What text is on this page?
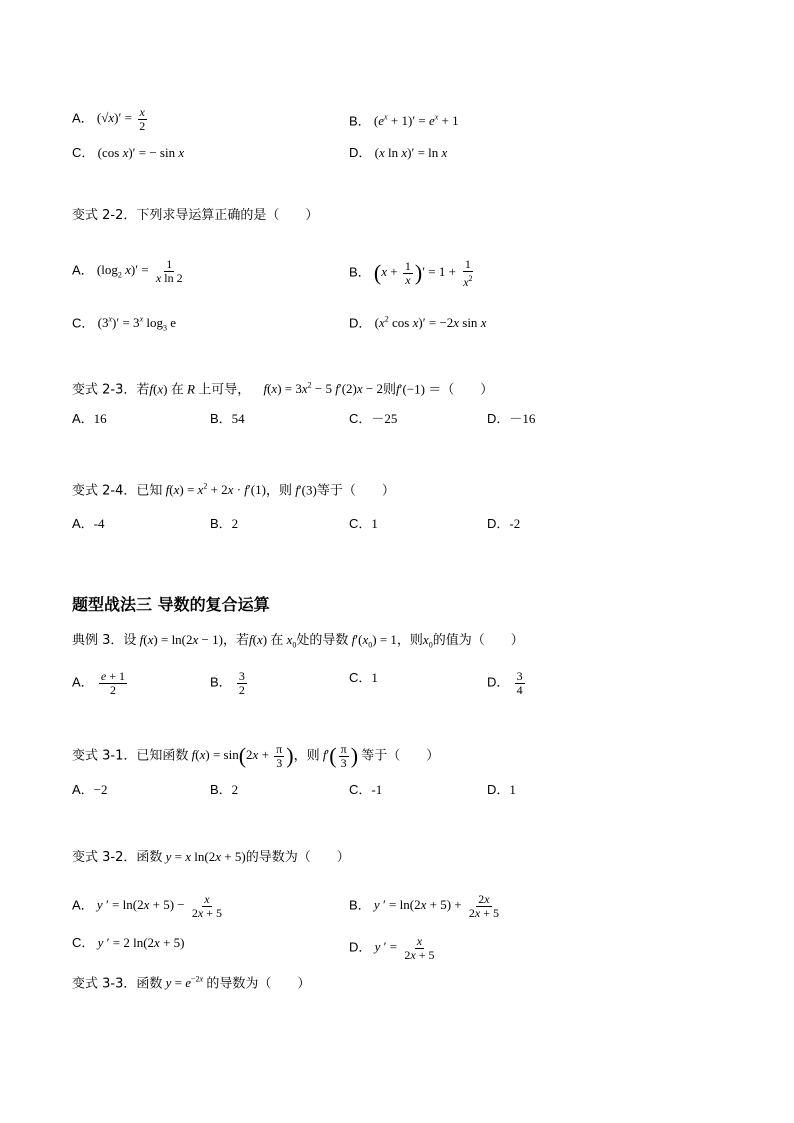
A． $(√x)' = \frac{x}{2}$	B． $(e^x + 1)' = e^x + 1$
C． (cos x)′ = − sin x	D． (x ln x)′ = ln x
变式 2-2．下列求导运算正确的是（　　）
A． ($\log_2$ $x)' = \frac{1}{\text{x ln 2}}$	B． ($x + \frac{1}{x}$ )′ = $1 + \frac{1}{x^2}$
C． $(3^x)' = 3^x$ $\log_3 e$	D． ($x^2$ cos x)′ = −2x sin x
变式 2-3．若f(x) 在 R 上可导， $f(x) = 3x^2 - 5$ f′(2)x − 2则f′(−1) ＝（　　）
A．16	B．54	C．－25	D．－16
变式 2-4．已知 $f(x) = x^2 + 2x \cdot f'(1)$，则 f′(3)等于（　　）
A．-4	B．2	C．1	D．-2
题型战法三 导数的复合运算
典例 3．设 f(x) = ln(2x − 1)，若f(x) 在 $x_0$处的导数 $f'(x_0) = 1$，则$x_0$的值为（　　）
A． $\frac{e + 1}{2}$	B． $\frac{3}{2}$	C．1	D． $\frac{3}{4}$
变式 3-1．已知函数 $f(x) = \sin(2x + \frac{\pi}{3}$ )，则 $f'( \frac{\pi}{3}$ ) 等于（　　）
A．−2	B．2	C．-1	D．1
变式 3-2．函数 y = x ln(2x + 5)的导数为（　　）
A． y ′ = $\ln(2x + 5) - \frac{x}{2x + 5}$	B． y ′ = $\ln(2x + 5) + \frac{2x}{2x + 5}$
C． y ′ = 2 ln(2x + 5)	D． y ′ = $\frac{x}{2x + 5}$
变式 3-3．函数 $y = e^{-2x}$ 的导数为（　　）
